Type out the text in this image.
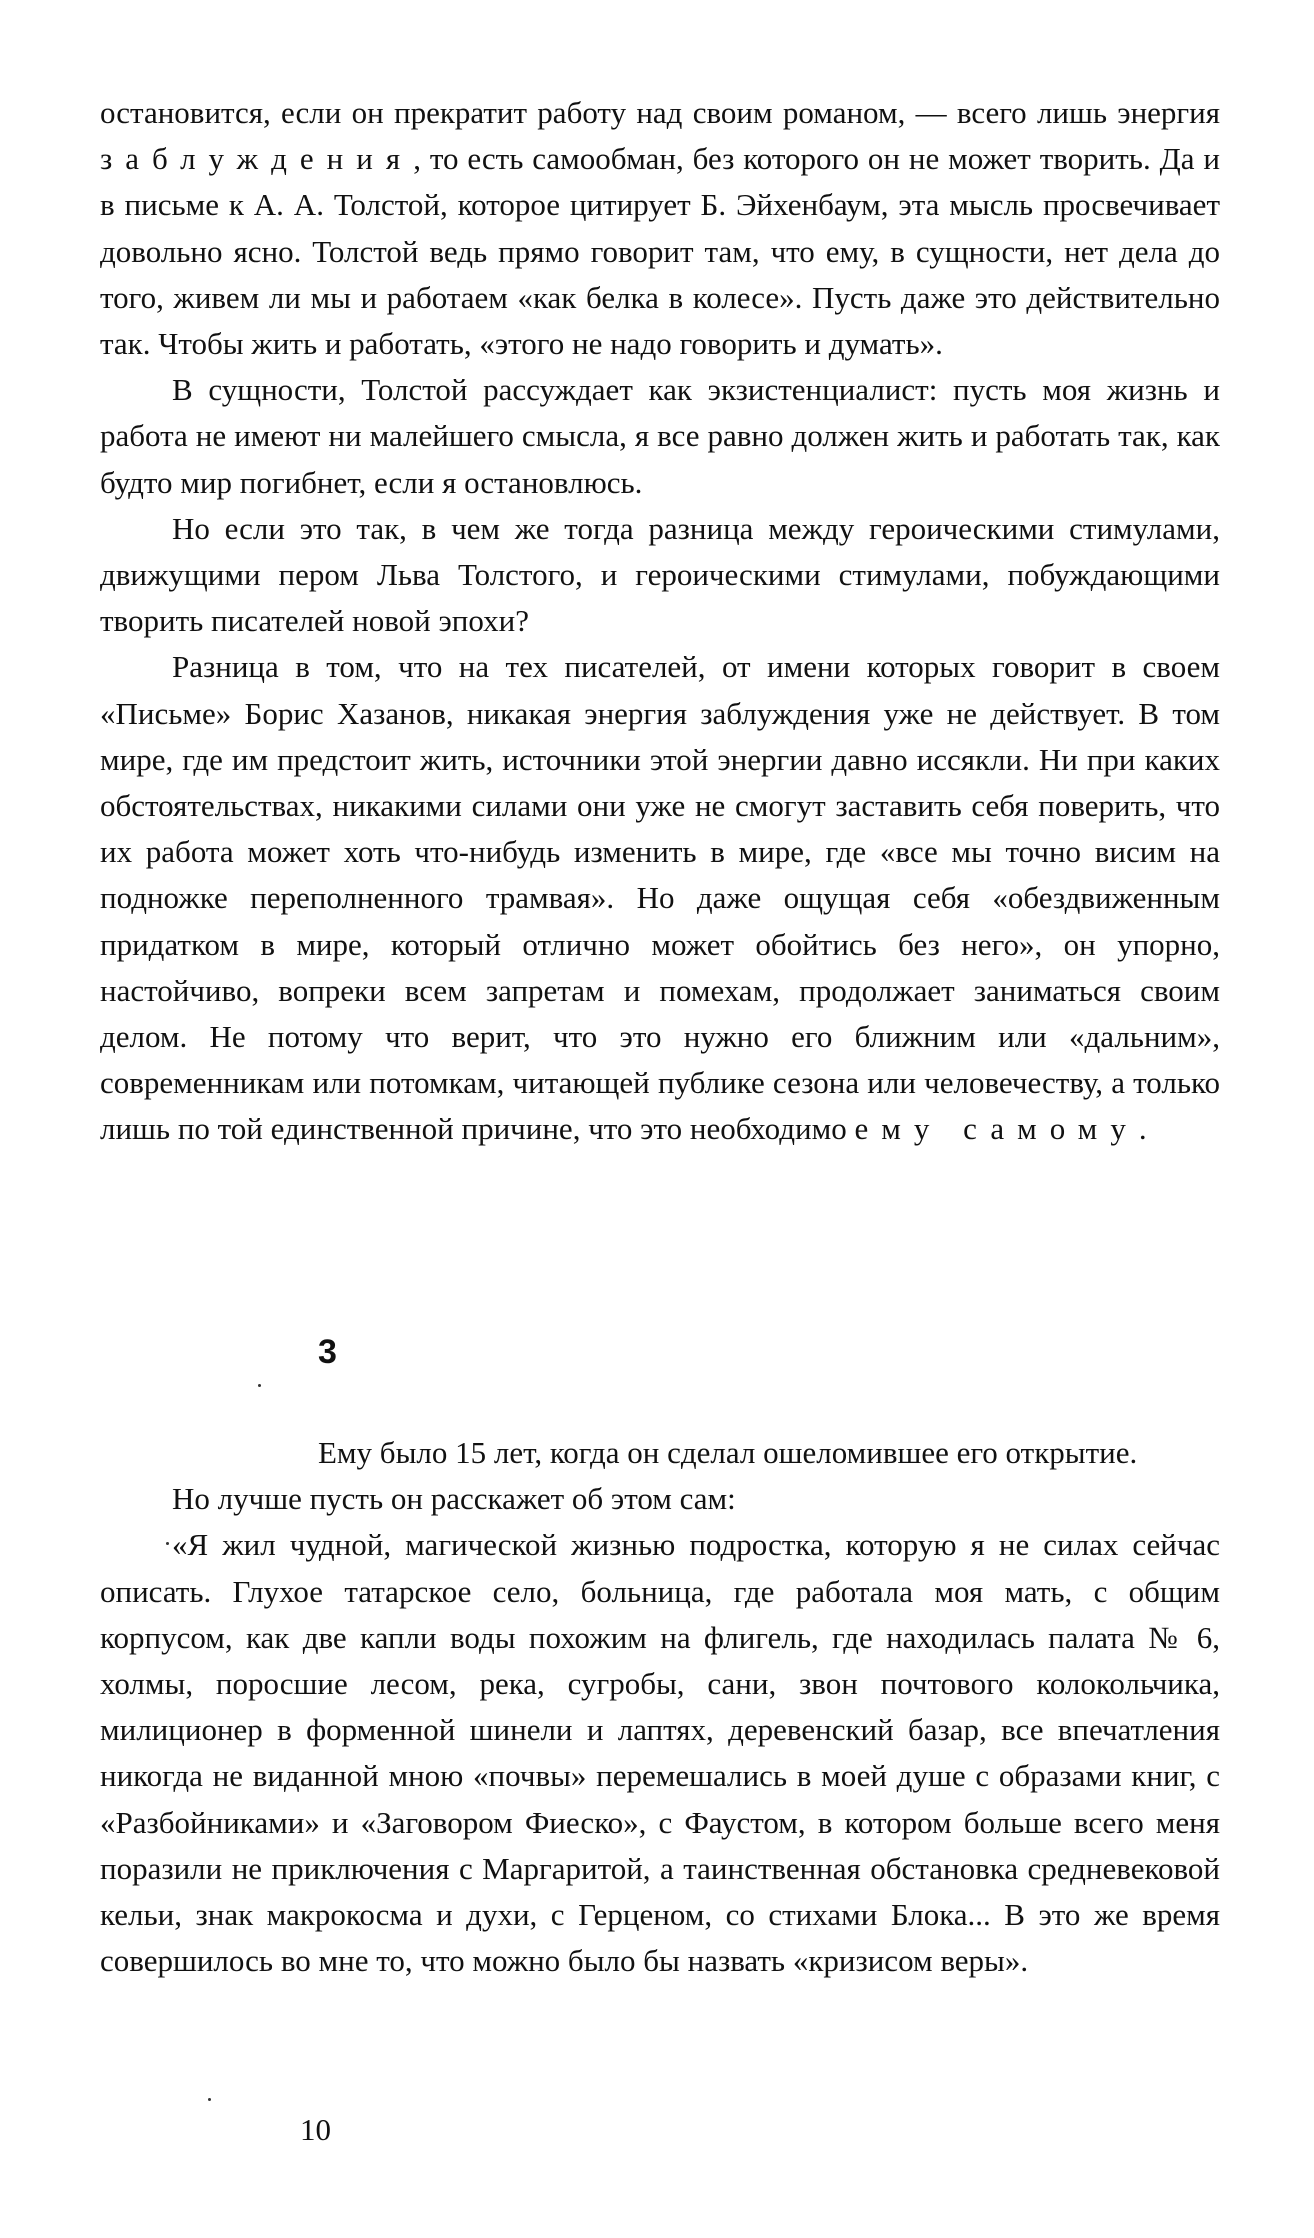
остановится, если он прекратит работу над своим романом, — всего лишь энергия заблуждения, то есть самообман, без которого он не может творить. Да и в письме к А. А. Толстой, которое цитирует Б. Эйхенбаум, эта мысль просвечивает довольно ясно. Толстой ведь прямо говорит там, что ему, в сущности, нет дела до того, живем ли мы и работаем «как белка в колесе». Пусть даже это действительно так. Чтобы жить и работать, «этого не надо говорить и думать».

В сущности, Толстой рассуждает как экзистенциалист: пусть моя жизнь и работа не имеют ни малейшего смысла, я все равно должен жить и работать так, как будто мир погибнет, если я остановлюсь.

Но если это так, в чем же тогда разница между героическими стимулами, движущими пером Льва Толстого, и героическими стимулами, побуждающими творить писателей новой эпохи?

Разница в том, что на тех писателей, от имени которых говорит в своем «Письме» Борис Хазанов, никакая энергия заблуждения уже не действует. В том мире, где им предстоит жить, источники этой энергии давно иссякли. Ни при каких обстоятельствах, никакими силами они уже не смогут заставить себя поверить, что их работа может хоть что-нибудь изменить в мире, где «все мы точно висим на подножке переполненного трамвая». Но даже ощущая себя «обездвиженным придатком в мире, который отлично может обойтись без него», он упорно, настойчиво, вопреки всем запретам и помехам, продолжает заниматься своим делом. Не потому что верит, что это нужно его ближним или «дальним», современникам или потомкам, читающей публике сезона или человечеству, а только лишь по той единственной причине, что это необходимо ему самому.

3

Ему было 15 лет, когда он сделал ошеломившее его открытие.

Но лучше пусть он расскажет об этом сам:

«Я жил чудной, магической жизнью подростка, которую я не силах сейчас описать. Глухое татарское село, больница, где работала моя мать, с общим корпусом, как две капли воды похожим на флигель, где находилась палата № 6, холмы, поросшие лесом, река, сугробы, сани, звон почтового колокольчика, милиционер в форменной шинели и лаптях, деревенский базар, все впечатления никогда не виданной мною «почвы» перемешались в моей душе с образами книг, с «Разбойниками» и «Заговором Фиеско», с Фаустом, в котором больше всего меня поразили не приключения с Маргаритой, а таинственная обстановка средневековой кельи, знак макрокосма и духи, с Герценом, со стихами Блока... В это же время совершилось во мне то, что можно было бы назвать «кризисом веры».

10
